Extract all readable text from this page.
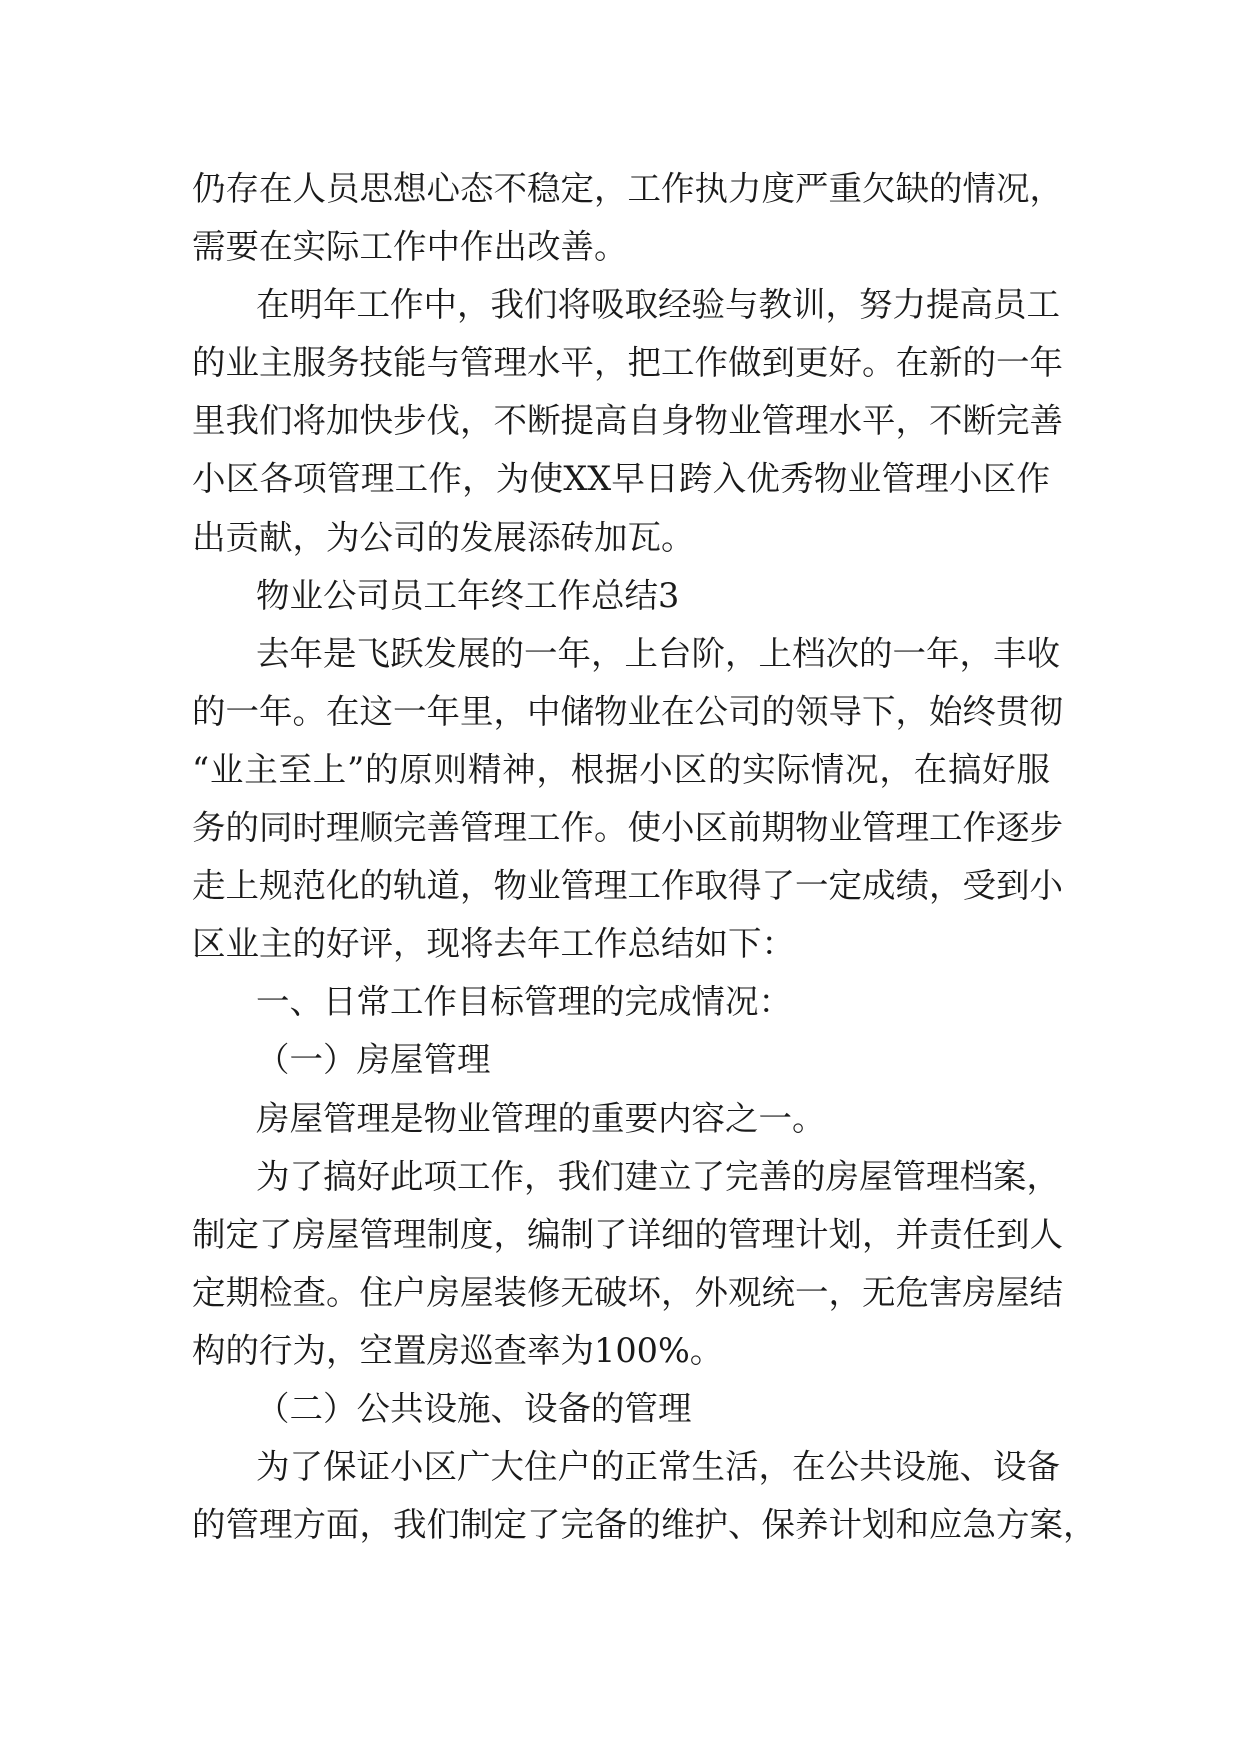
仍存在人员思想心态不稳定，工作执力度严重欠缺的情况，
需要在实际工作中作出改善。
在明年工作中，我们将吸取经验与教训，努力提高员工
的业主服务技能与管理水平，把工作做到更好。在新的一年
里我们将加快步伐，不断提高自身物业管理水平，不断完善
小区各项管理工作，为使XX早日跨入优秀物业管理小区作
出贡献，为公司的发展添砖加瓦。
物业公司员工年终工作总结3
去年是飞跃发展的一年，上台阶，上档次的一年，丰收
的一年。在这一年里，中储物业在公司的领导下，始终贯彻
“业主至上”的原则精神，根据小区的实际情况，在搞好服
务的同时理顺完善管理工作。使小区前期物业管理工作逐步
走上规范化的轨道，物业管理工作取得了一定成绩，受到小
区业主的好评，现将去年工作总结如下：
一、日常工作目标管理的完成情况：
（一）房屋管理
房屋管理是物业管理的重要内容之一。
为了搞好此项工作，我们建立了完善的房屋管理档案，
制定了房屋管理制度，编制了详细的管理计划，并责任到人
定期检查。住户房屋装修无破坏，外观统一，无危害房屋结
构的行为，空置房巡查率为100%。
（二）公共设施、设备的管理
为了保证小区广大住户的正常生活，在公共设施、设备
的管理方面，我们制定了完备的维护、保养计划和应急方案，
